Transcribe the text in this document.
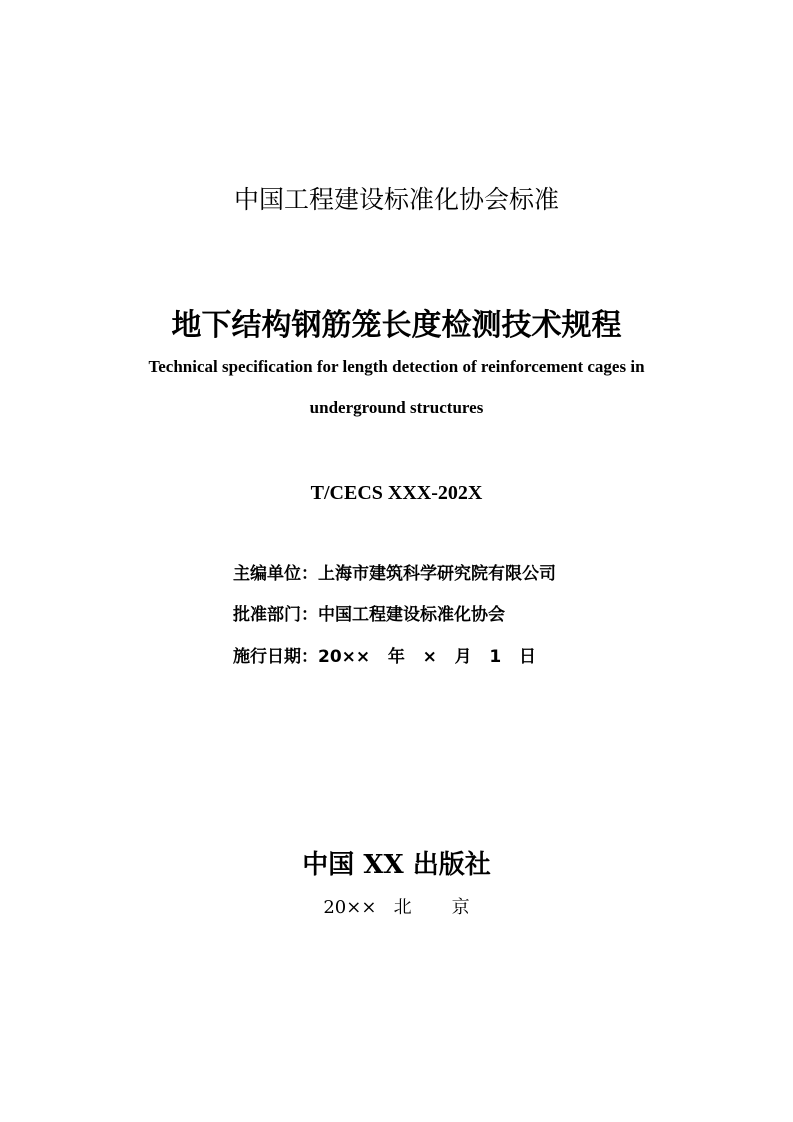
中国工程建设标准化协会标准
地下结构钢筋笼长度检测技术规程
Technical specification for length detection of reinforcement cages in
underground structures
T/CECS XXX-202X
主编单位：上海市建筑科学研究院有限公司
批准部门：中国工程建设标准化协会
施行日期：20××   年   ×   月   1   日
中国 XX 出版社
20××   北       京
